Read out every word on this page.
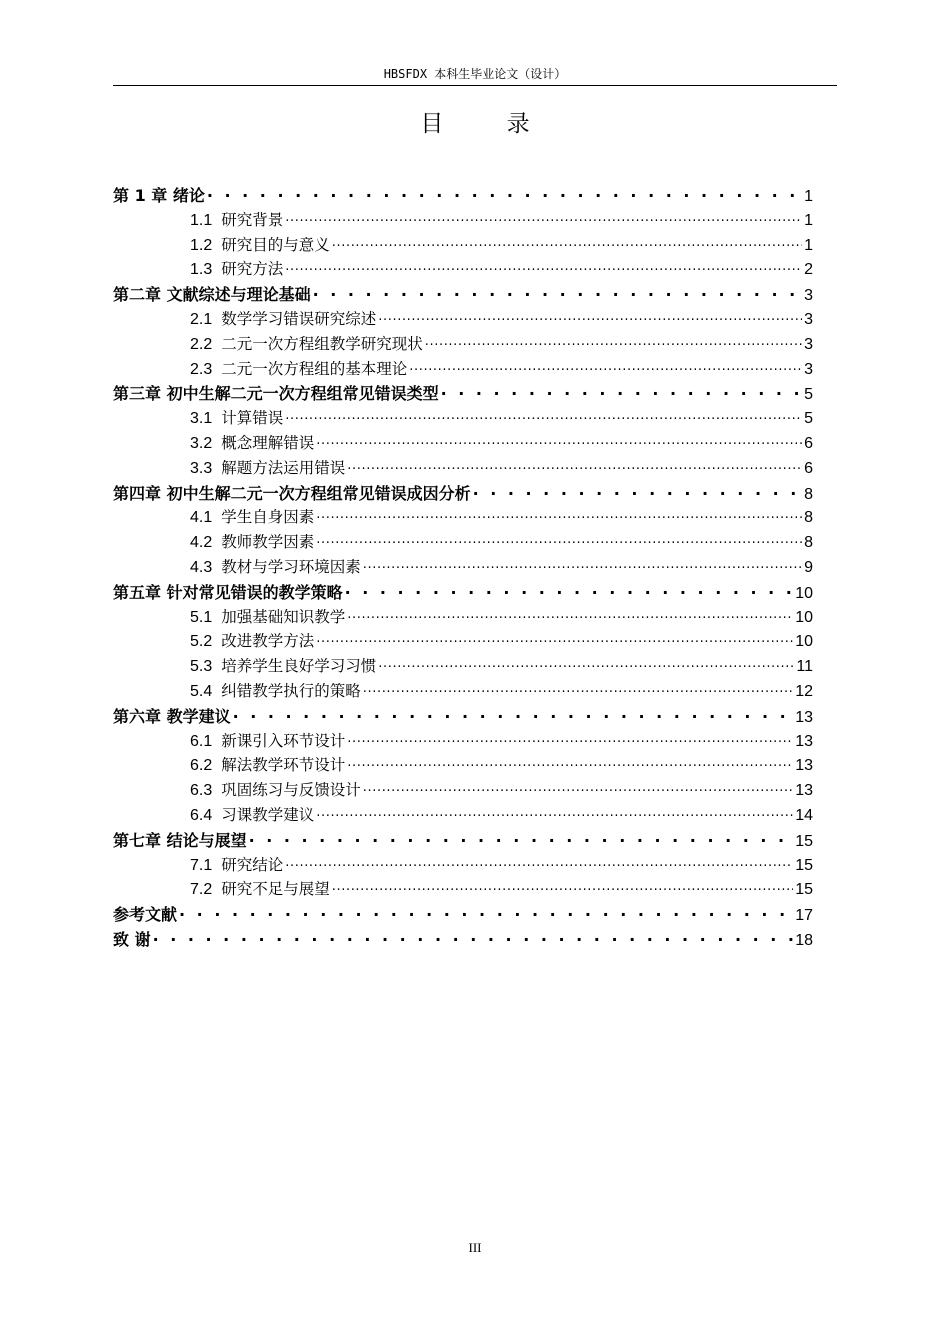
HBSFDX 本科生毕业论文（设计）
目 录
第 1 章 绪论 · · ·	1
1.1 研究背景 ·····	1
1.2 研究目的与意义 ·····	1
1.3 研究方法 ·····	2
第二章 文献综述与理论基础 · · ·	3
2.1 数学学习错误研究综述 ·····	3
2.2 二元一次方程组教学研究现状 ·····	3
2.3 二元一次方程组的基本理论 ·····	3
第三章 初中生解二元一次方程组常见错误类型 · · ·	5
3.1 计算错误 ·····	5
3.2 概念理解错误 ·····	6
3.3 解题方法运用错误 ·····	6
第四章 初中生解二元一次方程组常见错误成因分析 · · ·	8
4.1 学生自身因素 ·····	8
4.2 教师教学因素 ·····	8
4.3 教材与学习环境因素 ·····	9
第五章 针对常见错误的教学策略 · · ·	10
5.1 加强基础知识教学 ·····	10
5.2 改进教学方法 ·····	10
5.3 培养学生良好学习习惯 ·····	11
5.4 纠错教学执行的策略 ·····	12
第六章 教学建议 · · ·	13
6.1 新课引入环节设计 ·····	13
6.2 解法教学环节设计 ·····	13
6.3 巩固练习与反馈设计 ·····	13
6.4 习课教学建议 ·····	14
第七章 结论与展望 · · ·	15
7.1 研究结论 ·····	15
7.2 研究不足与展望 ·····	15
参考文献 · · ·	17
致 谢 · · ·	18
III
